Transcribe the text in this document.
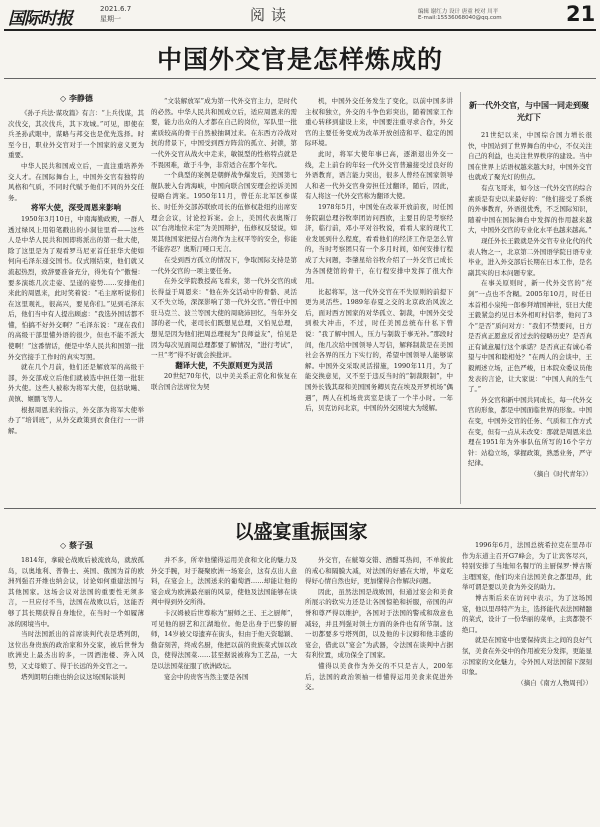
国际时报	2021.6.7
星期一	阅读	编辑 谢红力 设计 唐童 校对 川平
E-mail:15536068040@qq.com	21
中国外交官是怎样炼成的
◇ 李静德

《孙子兵法·谋攻篇》有言：“上兵伐谋，其次伐交，其次伐兵，其下攻城。”可见，即使在兵圣孙武眼中，谋略与邦交也是优先选择。时至今日，职业外交官对于一个国家的意义更为重要。

中华人民共和国成立后，一直注重培养外交人才。在国际舞台上，中国外交官有独特的风格和气质，不同时代赋予他们不同的外交任务。

将军大使，深受周恩来影响

1950年3月10日，中南海勤政殿，一群人透过绿风上用铅笔戳出的小洞往里看——这些人是中华人民共和国即将派出的第一批大使，除了这里是为了观看罗马尼亚首任驻华大使如何向毛泽东递交国书。仅式刚结束，他们就又流起热烈，致辞要准备充分，得先有个“傲慢：要多演练几次走姿、呈递的姿势……安排他们来此的周恩来，此时笑着说：“毛主席听说你们在这里观礼，很高兴，要见你们。”见到毛泽东后，他们当中有人提出顾虑：“我选外国话都不懂，怕搞不好外交啊？”毛泽东说：“现在我们的高级干部里懂外语的很少，但也不能不派大使啊！”这番情话，便是中华人民共和国第一批外交官接手工作时的真实写照。

就在几个月前，他们还是解放军的高级干部，外交部成立后他们就被选中担任第一批驻外大使。这些人被称为将军大使，包括耿飚、黄镇、姬鹏飞等人。

根据周恩来的指示，外交部为将军大使举办了“培训班”，从外交政策到衣食住行一一讲解。

“文装解放军”成为第一代外交官主力，是时代的必然。中华人民共和国成立后，适应周恩来的需要，能力出众的人才都在自己的岗位，军队里一批素质较高的骨干自然被抽调过来。在东西方冷战对抗的背景下，中国受到西方阵营的孤立、封锁，第一代外交官从战火中走来，敏锐型的性格特点就是不畏困难，敢于斗争，非常适合在那个年代。

一个典型的案例是朝鲜战争爆发后，美国第七舰队驶入台湾海峡，中国向联合国安理会控诉美国侵略台湾案。1950年11月，曾任东北军区参谋长、时任外交部苏联欧司长的伍修权赴纽约出席安理会会议，讨论控诉案。会上，美国代表奥斯汀以“台湾地位未定”为美国辩护，伍修权反驳说，如果其他国家把侵占台湾作为主权平等的安全，你能不能容忍？奥斯汀哑口无言。

在受到西方孤立的情况下，争取国际支持是第一代外交官的一项主要任务。

在外交学院教授高飞看来，第一代外交官的成长得益于周恩来：“他在外交活动中的骨骼、灵活又不失立场，深深影响了第一代外交官。”曾任中国驻马克兰、波兰等国大使的周晓沛回忆，当年外交部的老一代，老司长们既想见总理，又怕见总理，想见是因为他们把周总理视为“良师益友”，怕见是因为每次见面周总理都要了解情况，“进行考试”，一旦“考”得不好就会挨批评。

翻译大使，不失原则更为灵活

20世纪70年代，以中美关系正常化和恢复在联合国合法席位为契

机，中国外交任务发生了变化，以前中国多讲主权和独立，外交的斗争色彩突出，随着国家工作重心转移到建设上来，中国要注重寻求合作，外交官的主要任务变成为改革开放创造和平、稳定的国际环境。

此时，将军大使年事已高，逐渐退出外交一线，走上前台的年轻一代外交官普遍接受过良好的外语教育，语言能力突出，很多人曾经在国家领导人和老一代外交官身旁担任过翻译，随后，因此，有人将这一代外交官称为翻译大使。

1978年5月，中国处在改革开放前夜，时任国务院副总理谷牧率团访问西欧，主要目的是考察经济，临行前，邓小平对谷牧说，看看人家的现代工业发展到什么程度，看看他们的经济工作是怎么管的，当时考察团只有一个多月时间，如何安排行程成了大问题，李肇星给谷牧介绍了一外交官已成长为各国使馆的骨干，在行程安排中发挥了很大作用。

比起将军，这一代外交官在不失原则的前提下更为灵活些。1989年春夏之交的北京政治风波之后，面对西方国家的对华孤立、制裁，中国外交受到极大冲击，不过，时任美国总统布什私下曾说：“我了解中国人，压力与制裁于事无补。”那段时间，他几次给中国领导人写信，解释制裁是在美国社会各界的压力下实行的，希望中国领导人能够谅解。中国外交采取灵活措施，1990年11月，为了能交换意见，又不至于违反当时的“制裁限制”，中国外长钱其琛和美国国务卿贝克在埃及开罗机场“偶遇”，两人在机场贵宾室是谈了一个半小时。一年后，贝克访问北京，中国的外交困境大为缓解。

新一代外交官，与中国一同走到聚光灯下

21世纪以来，中国综合国力增长很快，中国站到了世界舞台的中心，不仅关注自己的利益，也关注世界秩序的建设。当中国在世界上话语权越来越大时，中国外交官也就成了聚光灯的焦点。

有点飞哥来，如今这一代外交官的综合素质是有史以来最好的：“他们接受了系统的外事教育，外语很优秀，不乏国际知识，随着中国在国际舞台中发挥的作用越来越大，中国外交官的专业化水平也越来越高。”

现任外长王毅就是外交官专业化代的代表人物之一，北京第二外国语学院日语专业毕业，进入外交部后长期在日本工作，是名副其实的日本问题专家。

在事关原则时，新一代外交官的“亮剑”一点也不含糊。2005年10月，时任日本首相小泉纯一郎参拜靖国神社，驻日大使王毅紧急约见日本外相町村信孝，他问了3个“是否”质问对方：“我们不禁要问，日方是否真正愿意反省过去的侵略历史？是否真正有诚意履行这个承诺？是否真正有诚心希望与中国和睦相处？”在两人的会谈中，王毅阐述立场，正色严峻，日本院众委议员他发表的言论，让大家说：“中国人真的生气了。”

外交官和新中国共同成长，每一代外交官的形象，都是中国面临世界的形象。中国在变，中国外交官的任务、气质和工作方式在变，但有一点从未改变：那就是周恩来总理在1951年为外事队伍所写的16个字方针：站稳立场，掌握政策，熟悉业务，严守纪律。

（摘自《时代青年》）

以盛宴重振国家
◇ 蔡子强

1814年，拿破仑战败后被流放岛，就放孤岛，以奥地利、普鲁士、英国、俄国为首的欧洲列强召开维也纳会议，讨论如何重建法国与其他国家。这场会议对法国的重要性无须多言，一旦应付不当，法国在战败以后，这能否够了其长期获得自身地位，在当时一个如履薄冰的困境当中。

当时法国派出的首席谈判代表是塔列朗，这位出身贵族的政治家和外交家，被后世誉为欧洲史上最杰出的多，一因酒池楼、奔入风势，又丈母娘了、得于长远的外交官之一。

塔列朗明白维也纳会议这场国际谈判

并不多，所幸他懂得运用美食和文化的魅力及外交手腕，对于凝聚欧洲一场宴会，这有点出人意料，在宴会上，法国送来的葡萄酒……却能让他的宴会成为欧洲最亮丽的风景，使他及法国能够在谈判中得到外交所得。

卡汉姆被后世尊称为“厨师之王、王之厨师”，可见他的厨艺和江湖地位。他是出身于巴黎的厨师，14岁被父母遗弃在街头，但由于他天资聪颖、勤奋刻苦，终成名厨，他把以前的贵族菜式加以改良，使得法国菜……甚至据说被称为工艺品，一大是以法国菜征服了欧洲政坛。

宴会中的贵客当然主要是各国

外交官，在觥筹交错、酒酣耳热间，不单彼此的戒心和隔膜大减，对法国的好感在大增，毕竟吃得好心情自然也好，更加懂得合作解决问题。

因此，虽然法国是战败国，但通过宴会和美食所展示的软实力还是让各国惊艳和折服，帝国的声誉和尊严得以维护，各国对于法国的警戒和敌意也减轻，并且列强对领土方面的条件也有所节制。这一切都要多亏塔列朗，以及他的卡汉姆和他丰盛的宴会，借此以“宴会”为武器，令法国在谈判中占据有利位置，成功保全了国家。

懂得以美食作为外交的不只是古人，200年后，法国的政治领袖一样懂得运用美食来促进外交。

1996年6月，法国总统希拉克在里昂市作为东道主召开G7峰会，为了让宾客尽兴，特别安排了当地知名餐厅的主厨保罗·博古斯主理国宴，他们均来自法国美食之都里昂，此举可谓是要以美食为外交的助力。

博古斯后来在访问中表示，为了这场国宴，他以里昂特产为主，选择能代表法国精髓的菜式，设计了一份华丽的菜单，主宾都赞不绝口。

就是在国宴中也要保持宾主之间的良好气氛，美食在外交中的作用被充分发挥，更能显示国家的文化魅力，令外国人对法国留下深刻印象。

（摘自《南方人物周刊》）
